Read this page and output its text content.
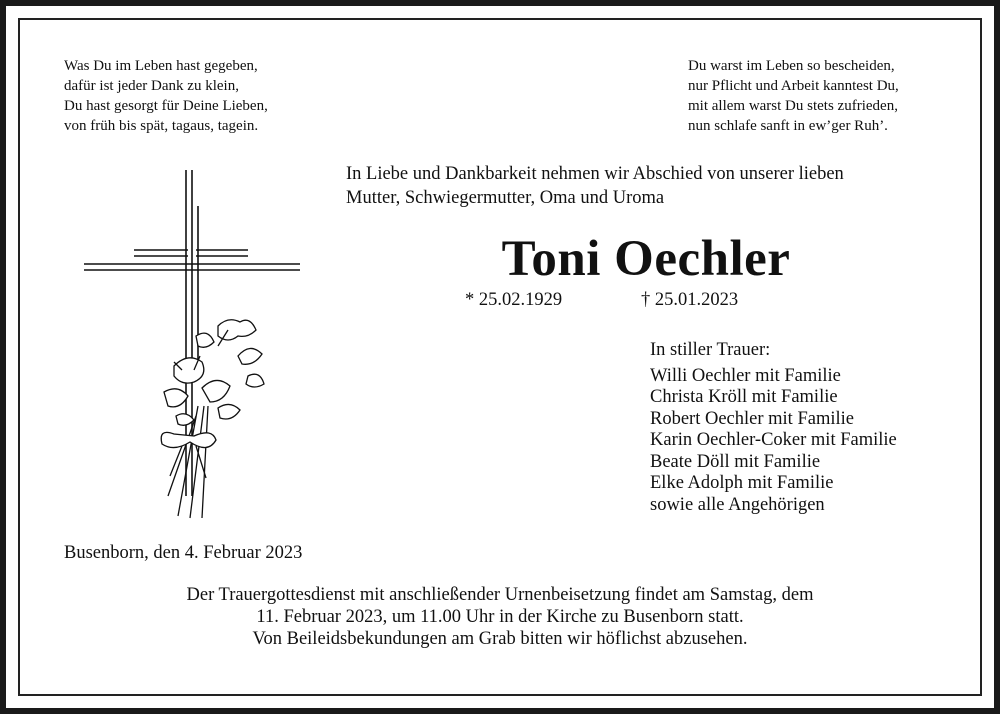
Was Du im Leben hast gegeben,
dafür ist jeder Dank zu klein,
Du hast gesorgt für Deine Lieben,
von früh bis spät, tagaus, tagein.
Du warst im Leben so bescheiden,
nur Pflicht und Arbeit kanntest Du,
mit allem warst Du stets zufrieden,
nun schlafe sanft in ew’ger Ruh’.
In Liebe und Dankbarkeit nehmen wir Abschied von unserer lieben
Mutter, Schwiegermutter, Oma und Uroma
Toni Oechler
* 25.02.1929	† 25.01.2023
In stiller Trauer:
Willi Oechler mit Familie
Christa Kröll mit Familie
Robert Oechler mit Familie
Karin Oechler-Coker mit Familie
Beate Döll mit Familie
Elke Adolph mit Familie
sowie alle Angehörigen
Busenborn, den 4. Februar 2023
Der Trauergottesdienst mit anschließender Urnenbeisetzung findet am Samstag, dem
11. Februar 2023, um 11.00 Uhr in der Kirche zu Busenborn statt.
Von Beileidsbekundungen am Grab bitten wir höflichst abzusehen.
